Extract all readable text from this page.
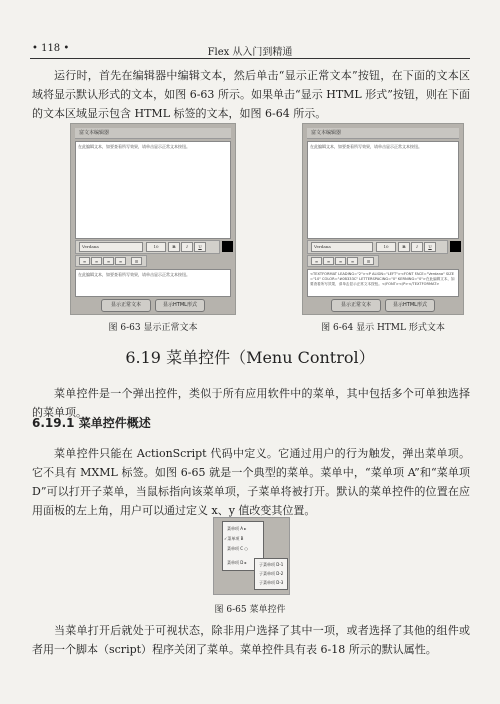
• 118 •	Flex 从入门到精通
运行时，首先在编辑器中编辑文本，然后单击“显示正常文本”按钮，在下面的文本区域将显示默认形式的文本，如图 6-63 所示。如果单击“显示 HTML 形式”按钮，则在下面的文本区域显示包含 HTML 标签的文本，如图 6-64 所示。
富文本编辑器
在此编辑文本，如要查看所写效果，请单击显示正常文本按钮。
Verdana	10	B	I	U
≡	≡	≡	≡	☰
在此编辑文本，如要查看所写效果，请单击显示正常文本按钮。
显示正常文本	显示HTML形式
图 6-63 显示正常文本
富文本编辑器
在此编辑文本，如要查看所写效果，请单击显示正常文本按钮。
Verdana	10	B	I	U
≡	≡	≡	≡	☰
<TEXTFORMAT LEADING="2"><P ALIGN="LEFT"><FONT FACE="Verdana" SIZE="10" COLOR="#0B333C" LETTERSPACING="0" KERNING="0">在此编辑文本，如要查看所写效果，请单击显示正常文本按钮。</FONT></P></TEXTFORMAT>
显示正常文本	显示HTML形式
图 6-64 显示 HTML 形式文本
6.19 菜单控件（Menu Control）
菜单控件是一个弹出控件，类似于所有应用软件中的菜单，其中包括多个可单独选择的菜单项。
6.19.1 菜单控件概述
菜单控件只能在 ActionScript 代码中定义。它通过用户的行为触发，弹出菜单项。它不具有 MXML 标签。如图 6-65 就是一个典型的菜单。菜单中，“菜单项 A”和“菜单项 D”可以打开子菜单，当鼠标指向该菜单项，子菜单将被打开。默认的菜单控件的位置在应用面板的左上角，用户可以通过定义 x、y 值改变其位置。
菜单项 A ▸
✓菜单项 B
菜单项 C ○
菜单项 D ▸	子菜单项 D-1
子菜单项 D-2
子菜单项 D-3
图 6-65 菜单控件
当菜单打开后就处于可视状态，除非用户选择了其中一项，或者选择了其他的组件或者用一个脚本（script）程序关闭了菜单。菜单控件具有表 6-18 所示的默认属性。
